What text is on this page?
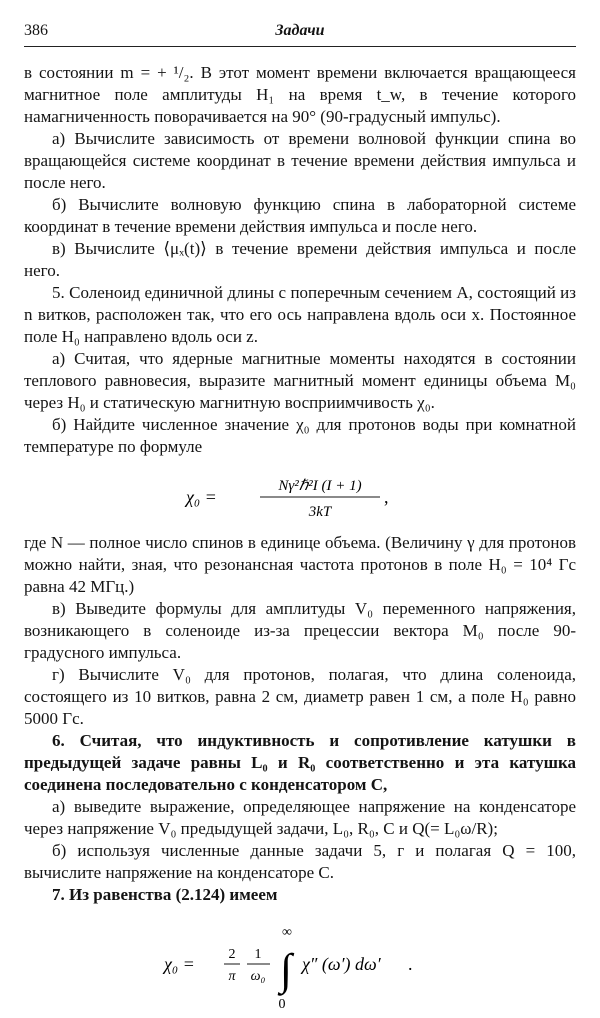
386	Задачи

в состоянии m = + ¹/₂. В этот момент времени включается вращающееся магнитное поле амплитуды H₁ на время t_w, в течение которого намагниченность поворачивается на 90° (90-градусный импульс).

а) Вычислите зависимость от времени волновой функции спина во вращающейся системе координат в течение времени действия импульса и после него.

б) Вычислите волновую функцию спина в лабораторной системе координат в течение времени действия импульса и после него.

в) Вычислите ⟨μₓ(t)⟩ в течение времени действия импульса и после него.

5. Соленоид единичной длины с поперечным сечением A, состоящий из n витков, расположен так, что его ось направлена вдоль оси x. Постоянное поле H₀ направлено вдоль оси z.

а) Считая, что ядерные магнитные моменты находятся в состоянии теплового равновесия, выразите магнитный момент единицы объема M₀ через H₀ и статическую магнитную восприимчивость χ₀.

б) Найдите численное значение χ₀ для протонов воды при комнатной температуре по формуле

χ₀ =
Nγ²ℏ²I (I + 1)
3kT
,

где N — полное число спинов в единице объема. (Величину γ для протонов можно найти, зная, что резонансная частота протонов в поле H₀ = 10⁴ Гс равна 42 МГц.)

в) Выведите формулы для амплитуды V₀ переменного напряжения, возникающего в соленоиде из-за прецессии вектора M₀ после 90-градусного импульса.

г) Вычислите V₀ для протонов, полагая, что длина соленоида, состоящего из 10 витков, равна 2 см, диаметр равен 1 см, а поле H₀ равно 5000 Гс.

6. Считая, что индуктивность и сопротивление катушки в предыдущей задаче равны L₀ и R₀ соответственно и эта катушка соединена последовательно с конденсатором C,

а) выведите выражение, определяющее напряжение на конденсаторе через напряжение V₀ предыдущей задачи, L₀, R₀, C и Q(= L₀ω/R);

б) используя численные данные задачи 5, г и полагая Q = 100, вычислите напряжение на конденсаторе C.

7. Из равенства (2.124) имеем

χ₀ = 2
π
1
ω₀
∞
∫
0
χ″ (ω′) dω′ .
